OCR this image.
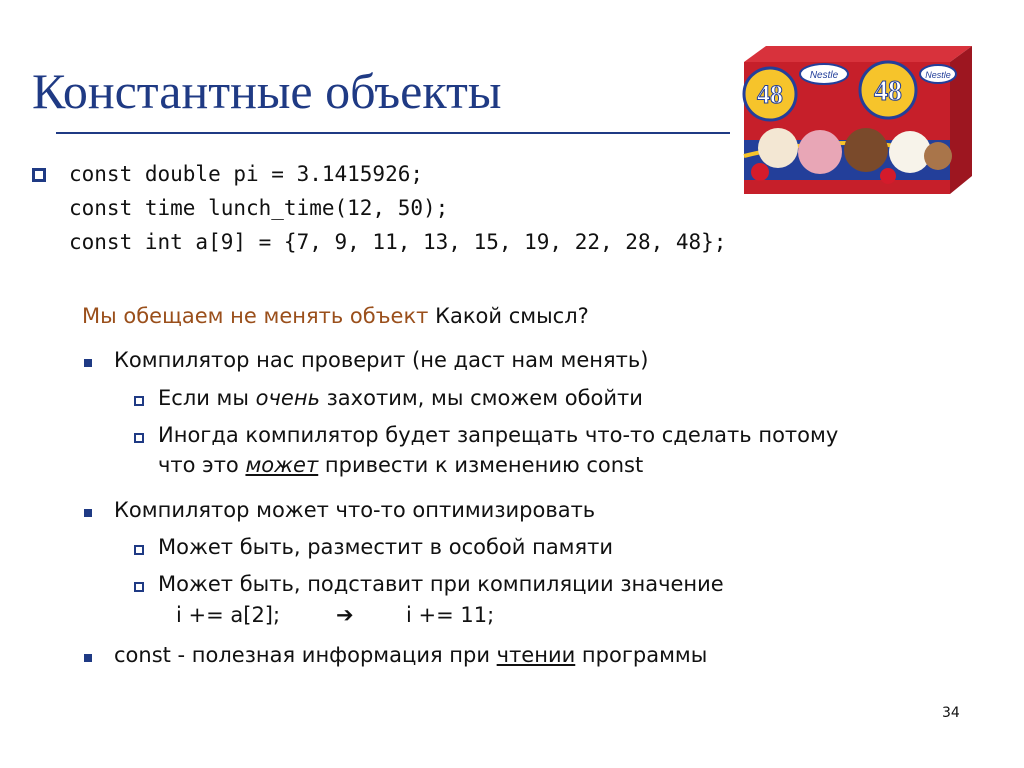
Константные объекты	48	48
Nestle	Nestle
const double pi = 3.1415926;
const time lunch_time(12, 50);
const int a[9] = {7, 9, 11, 13, 15, 19, 22, 28, 48};
Мы обещаем не менять объект Какой смысл?
Компилятор нас проверит (не даст нам менять)
Если мы очень захотим, мы сможем обойти
Иногда компилятор будет запрещать что-то сделать потому
что это может привести к изменению const
Компилятор может что-то оптимизировать
Может быть, разместит в особой памяти
Может быть, подставит при компиляции значение
i += a[2];	➔ i += 11;
const - полезная информация при чтении программы
34
